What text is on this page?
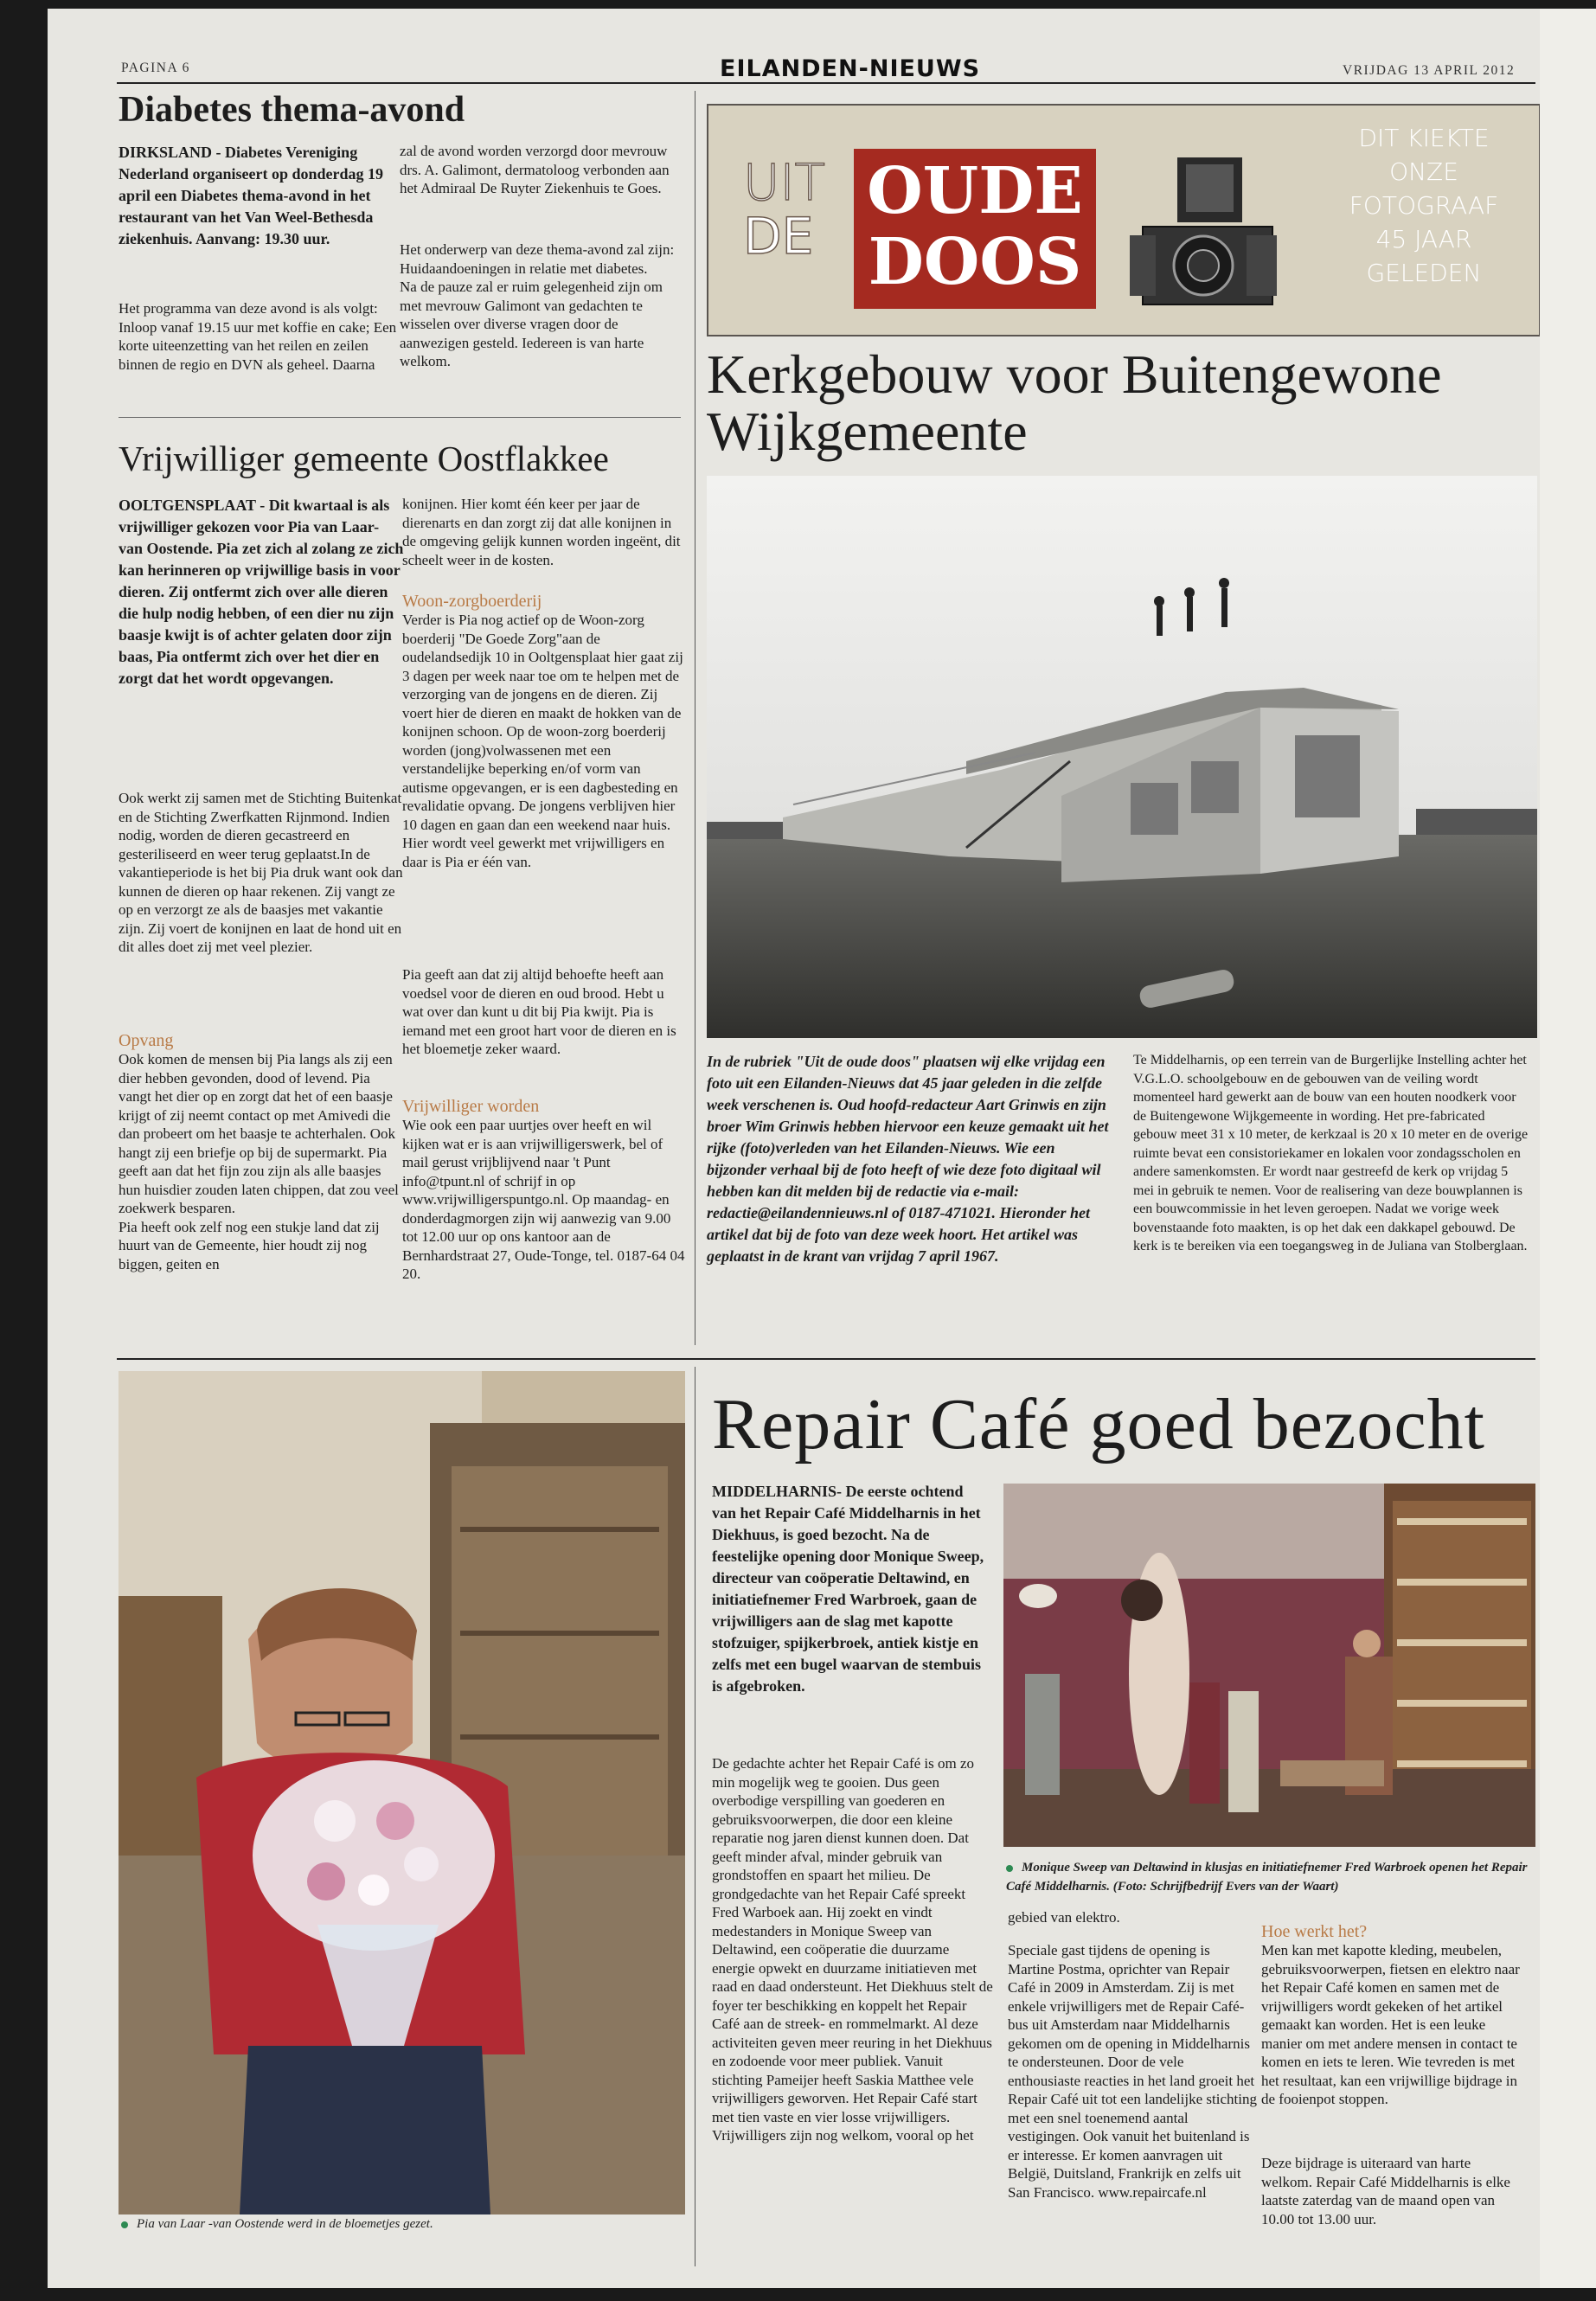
PAGINA 6	EILANDEN-NIEUWS	VRIJDAG 13 APRIL 2012
Diabetes thema-avond
DIRKSLAND - Diabetes Vereniging Nederland organiseert op donderdag 19 april een Diabetes thema-avond in het restaurant van het Van Weel-Bethesda ziekenhuis. Aanvang: 19.30 uur.
Het programma van deze avond is als volgt: Inloop vanaf 19.15 uur met koffie en cake; Een korte uiteenzetting van het reilen en zeilen binnen de regio en DVN als geheel. Daarna
zal de avond worden verzorgd door mevrouw drs. A. Galimont, dermatoloog verbonden aan het Admiraal De Ruyter Ziekenhuis te Goes.
Het onderwerp van deze thema-avond zal zijn: Huidaandoeningen in relatie met diabetes.
Na de pauze zal er ruim gelegenheid zijn om met mevrouw Galimont van gedachten te wisselen over diverse vragen door de aanwezigen gesteld. Iedereen is van harte welkom.
Vrijwilliger gemeente Oostflakkee
OOLTGENSPLAAT - Dit kwartaal is als vrijwilliger gekozen voor Pia van Laar- van Oostende. Pia zet zich al zolang ze zich kan herinneren op vrijwillige basis in voor dieren. Zij ontfermt zich over alle dieren die hulp nodig hebben, of een dier nu zijn baasje kwijt is of achter gelaten door zijn baas, Pia ontfermt zich over het dier en zorgt dat het wordt opgevangen.
Ook werkt zij samen met de Stichting Buitenkat en de Stichting Zwerfkatten Rijnmond. Indien nodig, worden de dieren gecastreerd en gesteriliseerd en weer terug geplaatst.In de vakantieperiode is het bij Pia druk want ook dan kunnen de dieren op haar rekenen. Zij vangt ze op en verzorgt ze als de baasjes met vakantie zijn. Zij voert de konijnen en laat de hond uit en dit alles doet zij met veel plezier.
Opvang
Ook komen de mensen bij Pia langs als zij een dier hebben gevonden, dood of levend. Pia vangt het dier op en zorgt dat het of een baasje krijgt of zij neemt contact op met Amivedi die dan probeert om het baasje te achterhalen. Ook hangt zij een briefje op bij de supermarkt. Pia geeft aan dat het fijn zou zijn als alle baasjes hun huisdier zouden laten chippen, dat zou veel zoekwerk besparen.
Pia heeft ook zelf nog een stukje land dat zij huurt van de Gemeente, hier houdt zij nog biggen, geiten en
konijnen. Hier komt één keer per jaar de dierenarts en dan zorgt zij dat alle konijnen in de omgeving gelijk kunnen worden ingeënt, dit scheelt weer in de kosten.
Woon-zorgboerderij
Verder is Pia nog actief op de Woon-zorg boerderij "De Goede Zorg"aan de oudelandsedijk 10 in Ooltgensplaat hier gaat zij 3 dagen per week naar toe om te helpen met de verzorging van de jongens en de dieren. Zij voert hier de dieren en maakt de hokken van de konijnen schoon. Op de woon-zorg boerderij worden (jong)volwassenen met een verstandelijke beperking en/of vorm van autisme opgevangen, er is een dagbesteding en revalidatie opvang. De jongens verblijven hier 10 dagen en gaan dan een weekend naar huis. Hier wordt veel gewerkt met vrijwilligers en daar is Pia er één van.
Pia geeft aan dat zij altijd behoefte heeft aan voedsel voor de dieren en oud brood. Hebt u wat over dan kunt u dit bij Pia kwijt. Pia is iemand met een groot hart voor de dieren en is het bloemetje zeker waard.
Vrijwilliger worden
Wie ook een paar uurtjes over heeft en wil kijken wat er is aan vrijwilligerswerk, bel of mail gerust vrijblijvend naar 't Punt info@tpunt.nl of schrijf in op www.vrijwilligerspuntgo.nl. Op maandag- en donderdagmorgen zijn wij aanwezig van 9.00 tot 12.00 uur op ons kantoor aan de Bernhardstraat 27, Oude-Tonge, tel. 0187-64 04 20.
UIT
DE
OUDE
DOOS
DIT KIEKTE
ONZE
FOTOGRAAF
45 JAAR
GELEDEN
Kerkgebouw voor Buitengewone Wijkgemeente
In de rubriek "Uit de oude doos" plaatsen wij elke vrijdag een foto uit een Eilanden-Nieuws dat 45 jaar geleden in die zelfde week verschenen is. Oud hoofd-redacteur Aart Grinwis en zijn broer Wim Grinwis hebben hiervoor een keuze gemaakt uit het rijke (foto)verleden van het Eilanden-Nieuws. Wie een bijzonder verhaal bij de foto heeft of wie deze foto digitaal wil hebben kan dit melden bij de redactie via e-mail: redactie@eilandennieuws.nl of 0187-471021. Hieronder het artikel dat bij de foto van deze week hoort. Het artikel was geplaatst in de krant van vrijdag 7 april 1967.
Te Middelharnis, op een terrein van de Burgerlijke Instelling achter het V.G.L.O. schoolgebouw en de gebouwen van de veiling wordt momenteel hard gewerkt aan de bouw van een houten noodkerk voor de Buitengewone Wijkgemeente in wording. Het pre-fabricated gebouw meet 31 x 10 meter, de kerkzaal is 20 x 10 meter en de overige ruimte bevat een consistoriekamer en lokalen voor zondagsscholen en andere samenkomsten. Er wordt naar gestreefd de kerk op vrijdag 5 mei in gebruik te nemen. Voor de realisering van deze bouwplannen is een bouwcommissie in het leven geroepen. Nadat we vorige week bovenstaande foto maakten, is op het dak een dakkapel gebouwd. De kerk is te bereiken via een toegangsweg in de Juliana van Stolberglaan.
Pia van Laar -van Oostende werd in de bloemetjes gezet.
Repair Café goed bezocht
MIDDELHARNIS- De eerste ochtend van het Repair Café Middelharnis in het Diekhuus, is goed bezocht. Na de feestelijke opening door Monique Sweep, directeur van coöperatie Deltawind, en initiatiefnemer Fred Warbroek, gaan de vrijwilligers aan de slag met kapotte stofzuiger, spijkerbroek, antiek kistje en zelfs met een bugel waarvan de stembuis is afgebroken.
De gedachte achter het Repair Café is om zo min mogelijk weg te gooien. Dus geen overbodige verspilling van goederen en gebruiksvoorwerpen, die door een kleine reparatie nog jaren dienst kunnen doen. Dat geeft minder afval, minder gebruik van grondstoffen en spaart het milieu. De grondgedachte van het Repair Café spreekt Fred Warboek aan. Hij zoekt en vindt medestanders in Monique Sweep van Deltawind, een coöperatie die duurzame energie opwekt en duurzame initiatieven met raad en daad ondersteunt. Het Diekhuus stelt de foyer ter beschikking en koppelt het Repair Café aan de streek- en rommelmarkt. Al deze activiteiten geven meer reuring in het Diekhuus en zodoende voor meer publiek. Vanuit stichting Pameijer heeft Saskia Matthee vele vrijwilligers geworven. Het Repair Café start met tien vaste en vier losse vrijwilligers. Vrijwilligers zijn nog welkom, vooral op het
Monique Sweep van Deltawind in klusjas en initiatiefnemer Fred Warbroek openen het Repair Café Middelharnis. (Foto: Schrijfbedrijf Evers van der Waart)
gebied van elektro.
Speciale gast tijdens de opening is Martine Postma, oprichter van Repair Café in 2009 in Amsterdam. Zij is met enkele vrijwilligers met de Repair Café-bus uit Amsterdam naar Middelharnis gekomen om de opening in Middelharnis te ondersteunen. Door de vele enthousiaste reacties in het land groeit het Repair Café uit tot een landelijke stichting met een snel toenemend aantal vestigingen. Ook vanuit het buitenland is er interesse. Er komen aanvragen uit België, Duitsland, Frankrijk en zelfs uit San Francisco. www.repaircafe.nl
Hoe werkt het?
Men kan met kapotte kleding, meubelen, gebruiksvoorwerpen, fietsen en elektro naar het Repair Café komen en samen met de vrijwilligers wordt gekeken of het artikel gemaakt kan worden. Het is een leuke manier om met andere mensen in contact te komen en iets te leren. Wie tevreden is met het resultaat, kan een vrijwillige bijdrage in de fooienpot stoppen.
Deze bijdrage is uiteraard van harte welkom. Repair Café Middelharnis is elke laatste zaterdag van de maand open van 10.00 tot 13.00 uur.
